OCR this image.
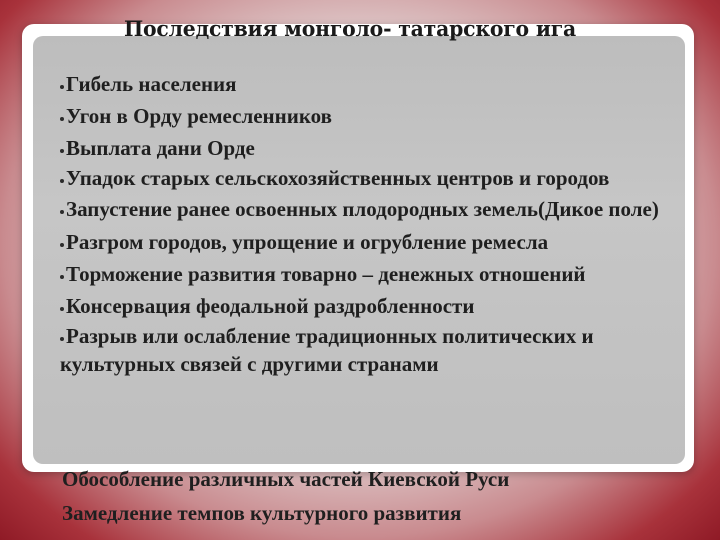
Последствия монголо- татарского ига
Гибель населения
Угон в Орду ремесленников
Выплата дани Орде
Упадок старых сельскохозяйственных центров и городов
Запустение ранее освоенных плодородных земель(Дикое поле)
Разгром городов, упрощение и огрубление ремесла
Торможение развития товарно – денежных отношений
Консервация феодальной раздробленности
Разрыв или ослабление традиционных политических и культурных связей с другими странами
Обособление различных частей Киевской Руси
Замедление темпов культурного развития
